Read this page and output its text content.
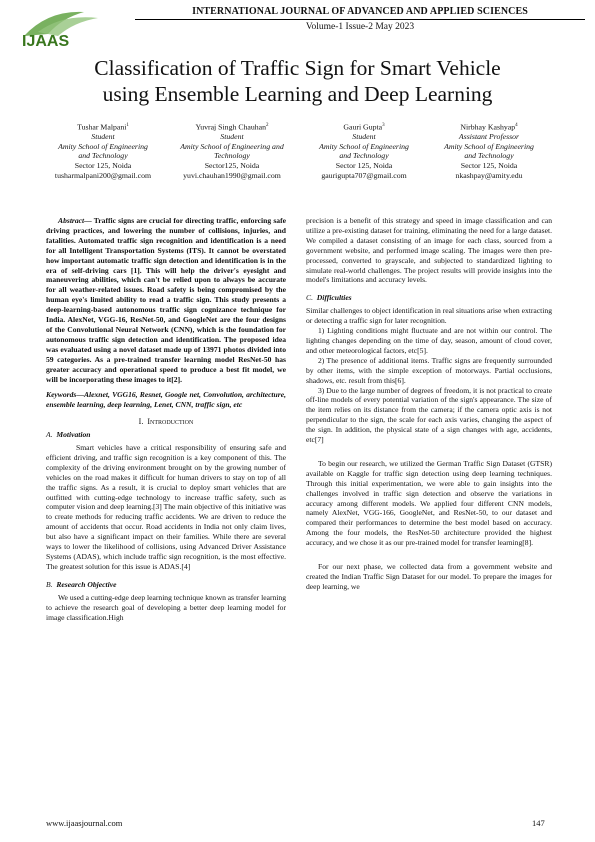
IJAAS
INTERNATIONAL JOURNAL OF ADVANCED AND APPLIED SCIENCES
Volume-1 Issue-2 May 2023
Classification of Traffic Sign for Smart Vehicle
using Ensemble Learning and Deep Learning
Tushar Malpani$^1$
Student
Amity School of Engineering
and Technology
Sector 125, Noida
tusharmalpani200@gmail.com
Yuvraj Singh Chauhan$^2$
Student
Amity School of Engineering and
Technology
Sector125, Noida
yuvi.chauhan1990@gmail.com
Gauri Gupta$^3$
Student
Amity School of Engineering
and Technology
Sector 125, Noida
gaurigupta707@gmail.com
Nirbhay Kashyap$^4$
Assistant Professor
Amity School of Engineering
and Technology
Sector 125, Noida
nkashpay@amity.edu

Abstract— Traffic signs are crucial for directing traffic, enforcing safe driving practices, and lowering the number of collisions, injuries, and fatalities. Automated traffic sign recognition and identification is a need for all Intelligent Transportation Systems (ITS). It cannot be overstated how important automatic traffic sign detection and identification is in the era of self-driving cars [1]. This will help the driver's eyesight and maneuvering abilities, which can't be relied upon to always be accurate for all weather-related issues. Road safety is being compromised by the human eye's limited ability to read a traffic sign. This study presents a deep-learning-based autonomous traffic sign cognizance technique for India. AlexNet, VGG-16, ResNet-50, and GoogleNet are the four designs of the Convolutional Neural Network (CNN), which is the foundation for autonomous traffic sign detection and identification. The proposed idea was evaluated using a novel dataset made up of 13971 photos divided into 59 categories. As a pre-trained transfer learning model ResNet-50 has greater accuracy and operational speed to produce a best fit model, we will be incorporating these images to it[2].

Keywords—Alexnet, VGG16, Resnet, Google net, Convolution, architecture, ensemble learning, deep learning, Lenet, CNN, traffic sign, etc

I. Introduction

A. Motivation

Smart vehicles have a critical responsibility of ensuring safe and efficient driving, and traffic sign recognition is a key component of this. The complexity of the driving environment brought on by the growing number of vehicles on the road makes it difficult for human drivers to stay on top of all the traffic signs. As a result, it is crucial to deploy smart vehicles that are outfitted with cutting-edge technology to increase traffic safety, such as computer vision and deep learning.[3] The main objective of this initiative was to create methods for reducing traffic accidents. We are driven to reduce the amount of accidents that occur. Road accidents in India not only claim lives, but also have a significant impact on their families. While there are several ways to lower the likelihood of collisions, using Advanced Driver Assistance Systems (ADAS), which include traffic sign recognition, is the most effective. The greatest solution for this issue is ADAS.[4]

B. Research Objective

We used a cutting-edge deep learning technique known as transfer learning to achieve the research goal of developing a better deep learning model for image classification.High

precision is a benefit of this strategy and speed in image classification and can utilize a pre-existing dataset for training, eliminating the need for a large dataset. We compiled a dataset consisting of an image for each class, sourced from a government website, and performed image scaling. The images were then pre-processed, converted to grayscale, and subjected to standardized lighting to simulate real-world challenges. The project results will provide insights into the model's limitations and accuracy levels.

C. Difficulties

Similar challenges to object identification in real situations arise when extracting or detecting a traffic sign for later recognition.

1) Lighting conditions might fluctuate and are not within our control. The lighting changes depending on the time of day, season, amount of cloud cover, and other meteorological factors, etc[5].

2) The presence of additional items. Traffic signs are frequently surrounded by other items, with the simple exception of motorways. Partial occlusions, shadows, etc. result from this[6].

3) Due to the large number of degrees of freedom, it is not practical to create off-line models of every potential variation of the sign's appearance. The size of the item relies on its distance from the camera; if the camera optic axis is not perpendicular to the sign, the scale for each axis varies, changing the aspect of the sign. In addition, the physical state of a sign changes with age, accidents, etc[7]

To begin our research, we utilized the German Traffic Sign Dataset (GTSR) available on Kaggle for traffic sign detection using deep learning techniques. Through this initial experimentation, we were able to gain insights into the challenges involved in traffic sign detection and observe the variations in accuracy among different models. We applied four different CNN models, namely AlexNet, VGG-166, GoogleNet, and ResNet-50, to our dataset and compared their performances to determine the best model based on accuracy. Among the four models, the ResNet-50 architecture provided the highest accuracy, and we chose it as our pre-trained model for transfer learning[8].

For our next phase, we collected data from a government website and created the Indian Traffic Sign Dataset for our model. To prepare the images for deep learning, we

www.ijaasjournal.com	147
